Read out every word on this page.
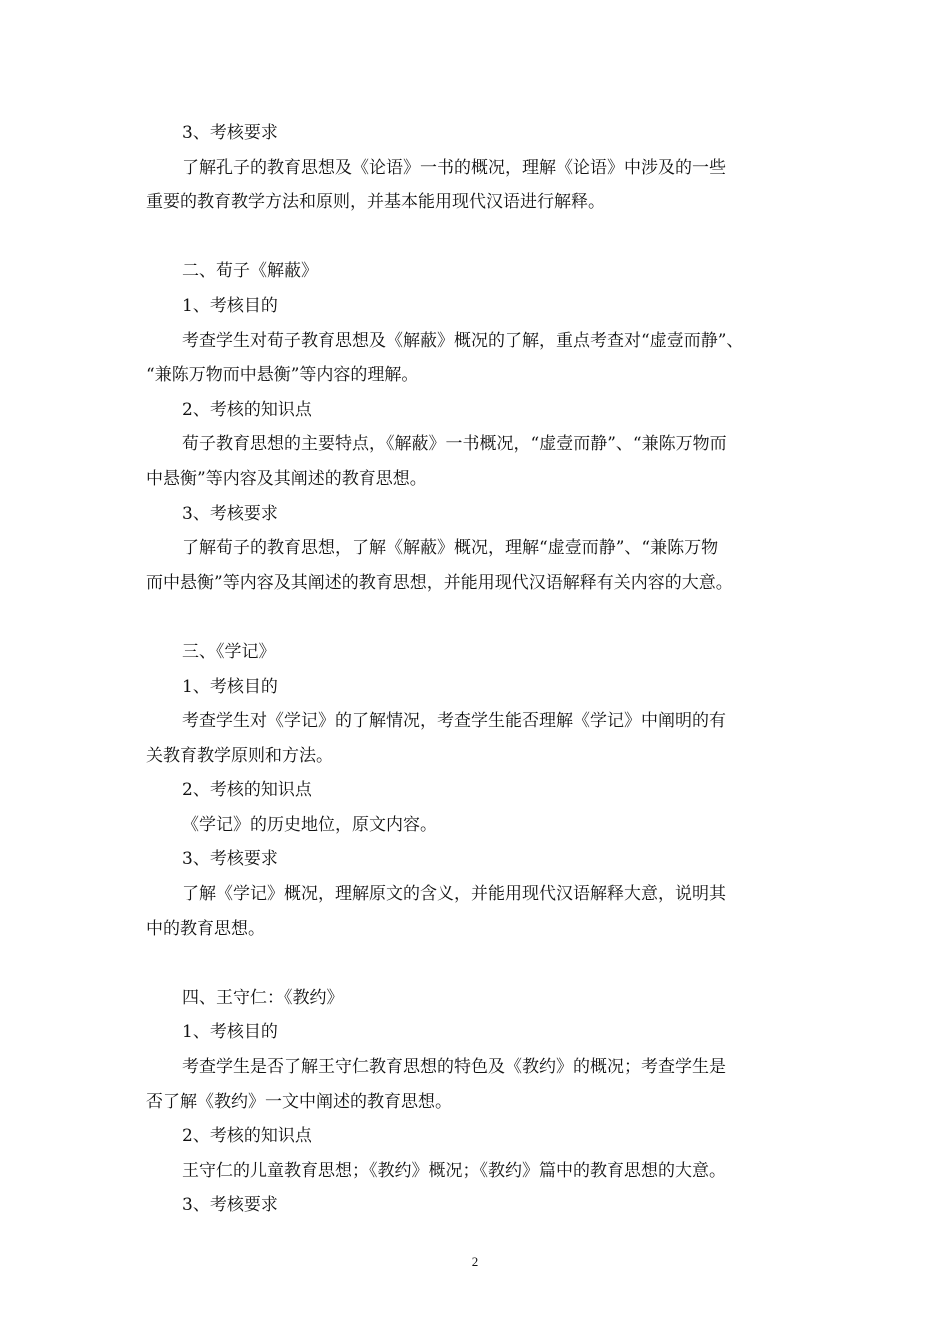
3、考核要求
了解孔子的教育思想及《论语》一书的概况，理解《论语》中涉及的一些
重要的教育教学方法和原则，并基本能用现代汉语进行解释。
二、荀子《解蔽》
1、考核目的
考查学生对荀子教育思想及《解蔽》概况的了解，重点考查对“虚壹而静”、
“兼陈万物而中悬衡”等内容的理解。
2、考核的知识点
荀子教育思想的主要特点，《解蔽》一书概况，“虚壹而静”、“兼陈万物而
中悬衡”等内容及其阐述的教育思想。
3、考核要求
了解荀子的教育思想，了解《解蔽》概况，理解“虚壹而静”、“兼陈万物
而中悬衡”等内容及其阐述的教育思想，并能用现代汉语解释有关内容的大意。
三、《学记》
1、考核目的
考查学生对《学记》的了解情况，考查学生能否理解《学记》中阐明的有
关教育教学原则和方法。
2、考核的知识点
《学记》的历史地位，原文内容。
3、考核要求
了解《学记》概况，理解原文的含义，并能用现代汉语解释大意，说明其
中的教育思想。
四、王守仁：《教约》
1、考核目的
考查学生是否了解王守仁教育思想的特色及《教约》的概况；考查学生是
否了解《教约》一文中阐述的教育思想。
2、考核的知识点
王守仁的儿童教育思想；《教约》概况；《教约》篇中的教育思想的大意。
3、考核要求
2
